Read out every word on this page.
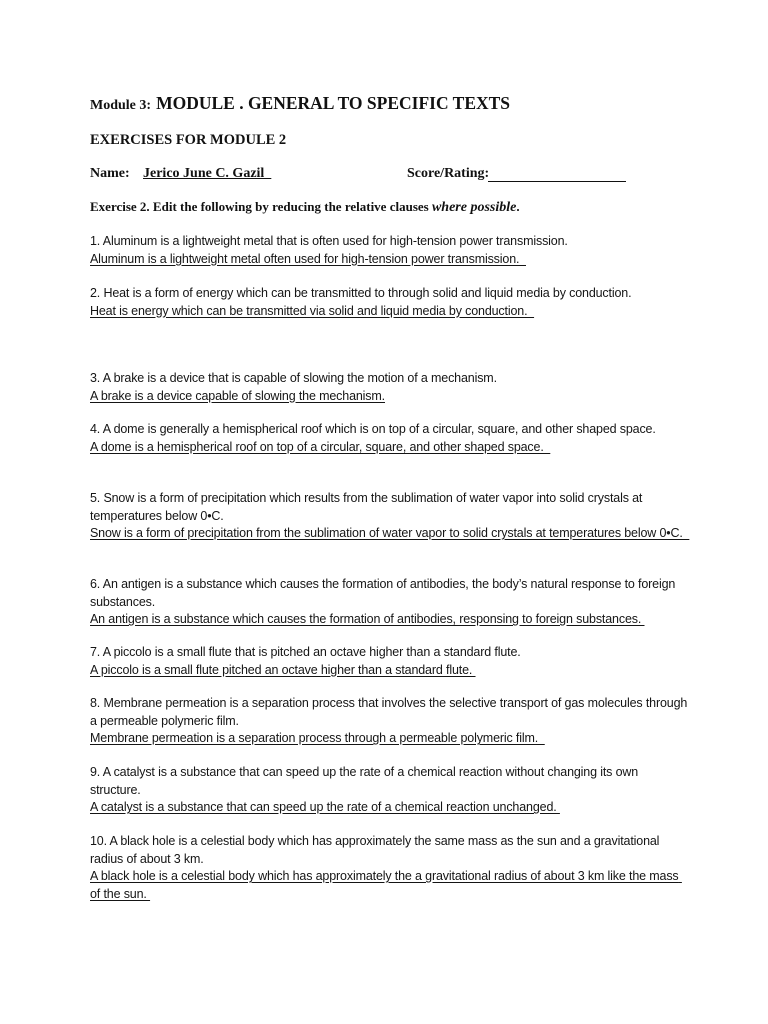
Module 3: MODULE . GENERAL TO SPECIFIC TEXTS
EXERCISES FOR MODULE 2
Name: Jerico June C. Gazil	Score/Rating:
Exercise 2. Edit the following by reducing the relative clauses where possible.
1. Aluminum is a lightweight metal that is often used for high-tension power transmission.
Aluminum is a lightweight metal often used for high-tension power transmission.
2. Heat is a form of energy which can be transmitted to through solid and liquid media by conduction.
Heat is energy which can be transmitted via solid and liquid media by conduction.
3. A brake is a device that is capable of slowing the motion of a mechanism.
A brake is a device capable of slowing the mechanism.
4. A dome is generally a hemispherical roof which is on top of a circular, square, and other shaped space.
A dome is a hemispherical roof on top of a circular, square, and other shaped space.
5. Snow is a form of precipitation which results from the sublimation of water vapor into solid crystals at temperatures below 0•C.
Snow is a form of precipitation from the sublimation of water vapor to solid crystals at temperatures below 0•C.
6. An antigen is a substance which causes the formation of antibodies, the body’s natural response to foreign substances.
An antigen is a substance which causes the formation of antibodies, responsing to foreign substances.
7. A piccolo is a small flute that is pitched an octave higher than a standard flute.
A piccolo is a small flute pitched an octave higher than a standard flute.
8. Membrane permeation is a separation process that involves the selective transport of gas molecules through a permeable polymeric film.
Membrane permeation is a separation process through a permeable polymeric film.
9. A catalyst is a substance that can speed up the rate of a chemical reaction without changing its own structure.
A catalyst is a substance that can speed up the rate of a chemical reaction unchanged.
10. A black hole is a celestial body which has approximately the same mass as the sun and a gravitational radius of about 3 km.
A black hole is a celestial body which has approximately the a gravitational radius of about 3 km like the mass of the sun.
